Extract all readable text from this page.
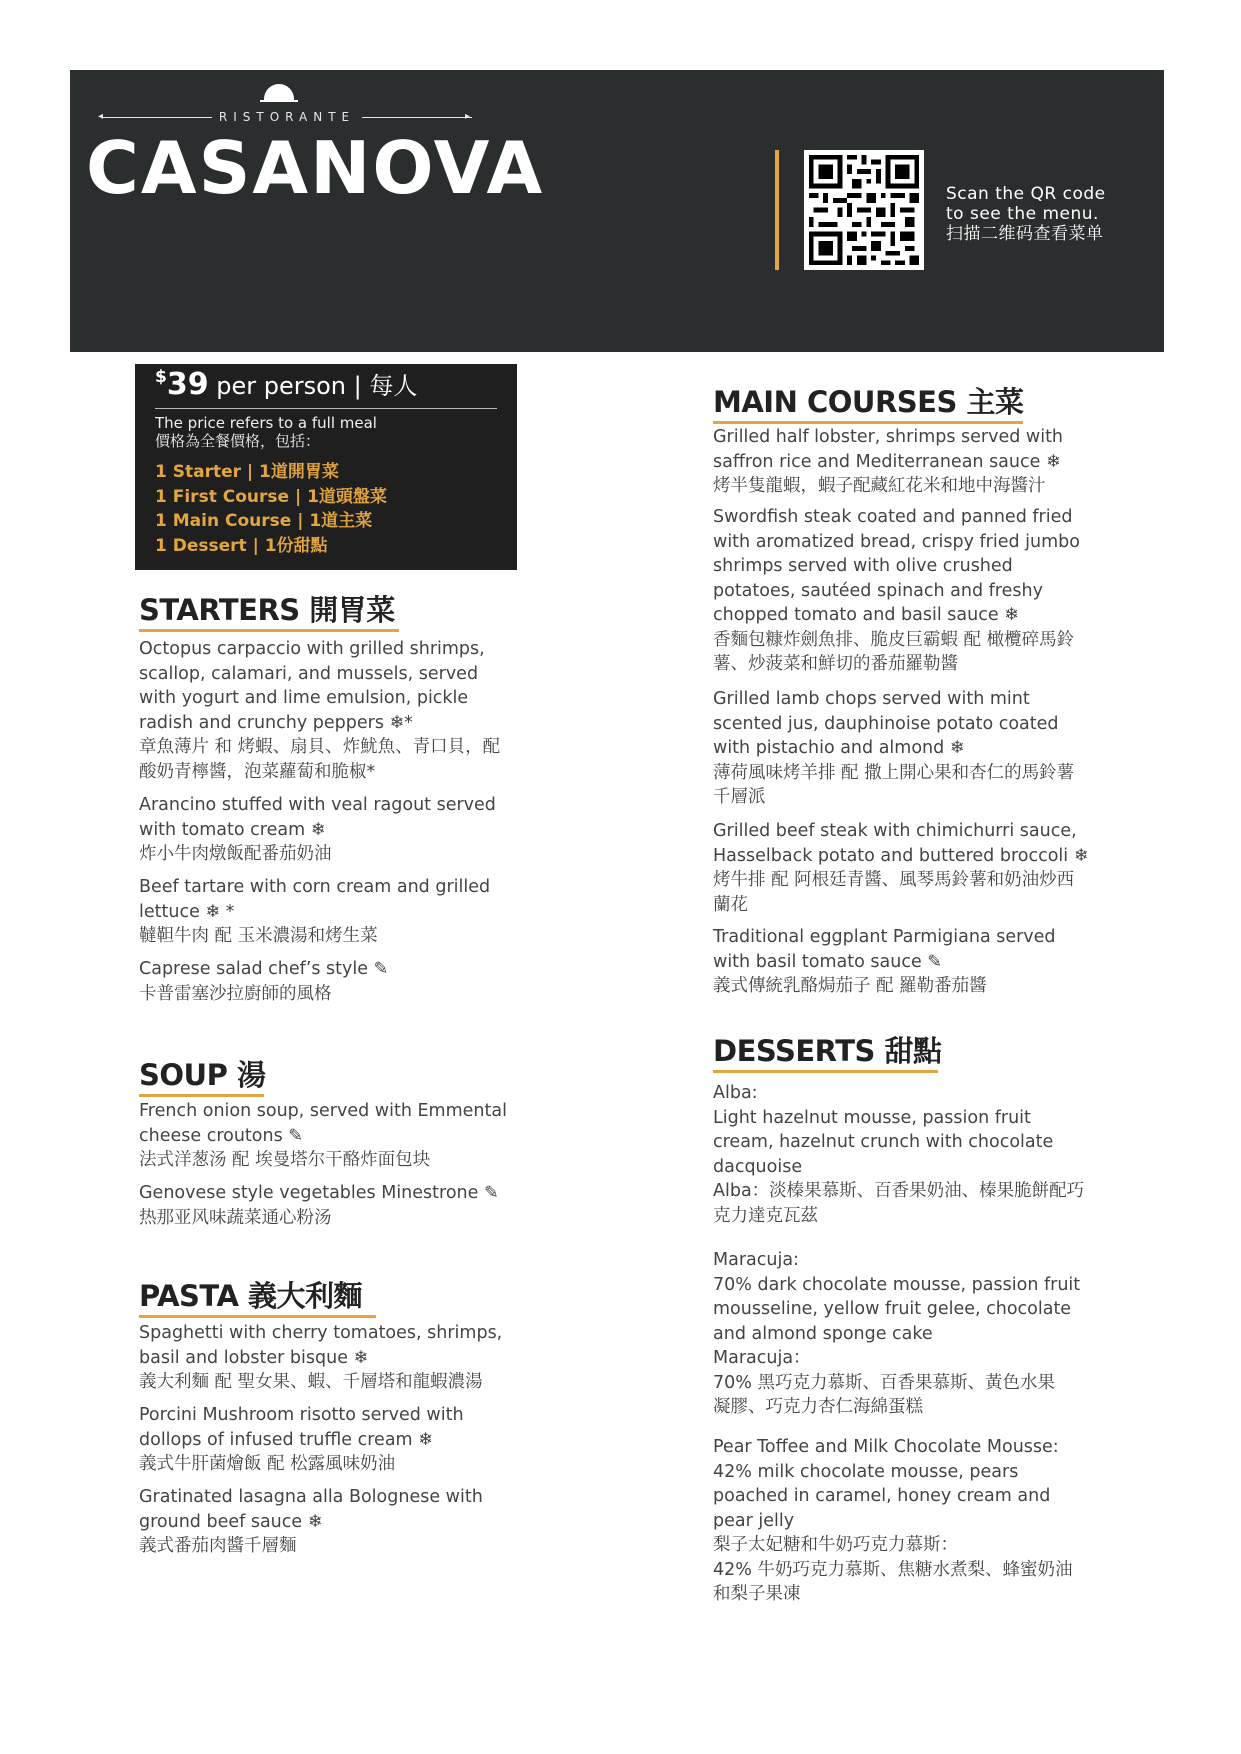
◂	▸
RISTORANTE
CASANOVA	Scan the QR code
to see the menu.
扫描二维码查看菜单
$39 per person | 每人
The price refers to a full meal
價格為全餐價格，包括：
1 Starter | 1道開胃菜
1 First Course | 1道頭盤菜
1 Main Course | 1道主菜
1 Dessert | 1份甜點
STARTERS 開胃菜
Octopus carpaccio with grilled shrimps,
scallop, calamari, and mussels, served
with yogurt and lime emulsion, pickle
radish and crunchy peppers ❄*
章魚薄片 和 烤蝦、扇貝、炸魷魚、青口貝，配
酸奶青檸醬，泡菜蘿蔔和脆椒*
Arancino stuffed with veal ragout served
with tomato cream ❄
炸小牛肉燉飯配番茄奶油
Beef tartare with corn cream and grilled
lettuce ❄ *
韃靼牛肉 配 玉米濃湯和烤生菜
Caprese salad chef’s style ✎
卡普雷塞沙拉廚師的風格
SOUP 湯
French onion soup, served with Emmental
cheese croutons ✎
法式洋葱汤 配 埃曼塔尔干酪炸面包块
Genovese style vegetables Minestrone ✎
热那亚风味蔬菜通心粉汤
PASTA 義大利麵
Spaghetti with cherry tomatoes, shrimps,
basil and lobster bisque ❄
義大利麵 配 聖女果、蝦、千層塔和龍蝦濃湯
Porcini Mushroom risotto served with
dollops of infused truffle cream ❄
義式牛肝菌燴飯 配 松露風味奶油
Gratinated lasagna alla Bolognese with
ground beef sauce ❄
義式番茄肉醬千層麵
MAIN COURSES 主菜
Grilled half lobster, shrimps served with
saffron rice and Mediterranean sauce ❄
烤半隻龍蝦，蝦子配藏紅花米和地中海醬汁
Swordfish steak coated and panned fried
with aromatized bread, crispy fried jumbo
shrimps served with olive crushed
potatoes, sautéed spinach and freshy
chopped tomato and basil sauce ❄
香麵包糠炸劍魚排、脆皮巨霸蝦 配 橄欖碎馬鈴
薯、炒菠菜和鮮切的番茄羅勒醬
Grilled lamb chops served with mint
scented jus, dauphinoise potato coated
with pistachio and almond ❄
薄荷風味烤羊排 配 撒上開心果和杏仁的馬鈴薯
千層派
Grilled beef steak with chimichurri sauce,
Hasselback potato and buttered broccoli ❄
烤牛排 配 阿根廷青醬、風琴馬鈴薯和奶油炒西
蘭花
Traditional eggplant Parmigiana served
with basil tomato sauce ✎
義式傳統乳酪焗茄子 配 羅勒番茄醬
DESSERTS 甜點
Alba:
Light hazelnut mousse, passion fruit
cream, hazelnut crunch with chocolate
dacquoise
Alba：淡榛果慕斯、百香果奶油、榛果脆餅配巧
克力達克瓦茲
Maracuja:
70% dark chocolate mousse, passion fruit
mousseline, yellow fruit gelee, chocolate
and almond sponge cake
Maracuja：
70% 黑巧克力慕斯、百香果慕斯、黃色水果
凝膠、巧克力杏仁海綿蛋糕
Pear Toffee and Milk Chocolate Mousse:
42% milk chocolate mousse, pears
poached in caramel, honey cream and
pear jelly
梨子太妃糖和牛奶巧克力慕斯：
42% 牛奶巧克力慕斯、焦糖水煮梨、蜂蜜奶油
和梨子果凍
